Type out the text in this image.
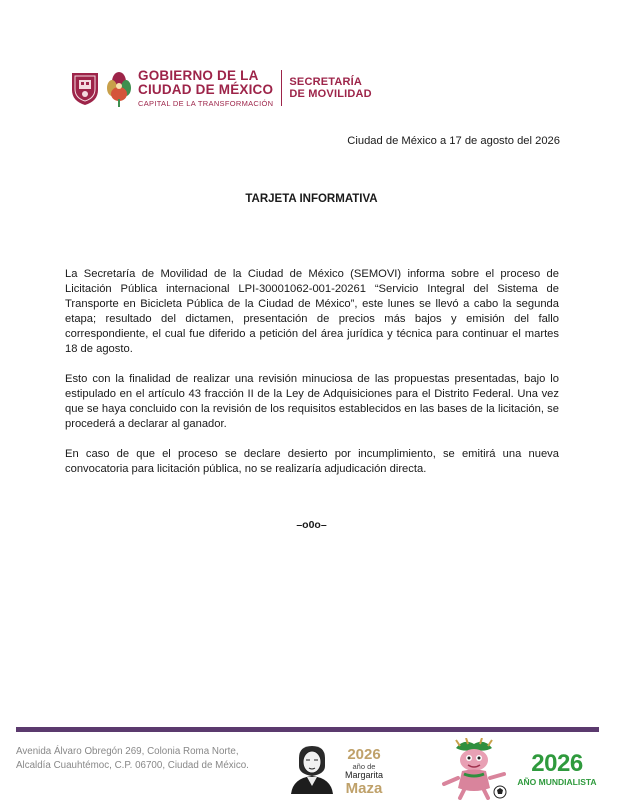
GOBIERNO DE LA
CIUDAD DE MÉXICO
CAPITAL DE LA TRANSFORMACIÓN
SECRETARÍA
DE MOVILIDAD
Ciudad de México a 17 de agosto del 2026
TARJETA INFORMATIVA

La Secretaría de Movilidad de la Ciudad de México (SEMOVI) informa sobre el proceso de Licitación Pública internacional LPI-30001062-001-20261 “Servicio Integral del Sistema de Transporte en Bicicleta Pública de la Ciudad de México”, este lunes se llevó a cabo la segunda etapa; resultado del dictamen, presentación de precios más bajos y emisión del fallo correspondiente, el cual fue diferido a petición del área jurídica y técnica para continuar el martes 18 de agosto.

Esto con la finalidad de realizar una revisión minuciosa de las propuestas presentadas, bajo lo estipulado en el artículo 43 fracción II de la Ley de Adquisiciones para el Distrito Federal. Una vez que se haya concluido con la revisión de los requisitos establecidos en las bases de la licitación, se procederá a declarar al ganador.

En caso de que el proceso se declare desierto por incumplimiento, se emitirá una nueva convocatoria para licitación pública, no se realizaría adjudicación directa.

–o0o–
Avenida Álvaro Obregón 269, Colonia Roma Norte,
Alcaldía Cuauhtémoc, C.P. 06700, Ciudad de México.
2026
año de
Margarita
Maza
2026
AÑO MUNDIALISTA
